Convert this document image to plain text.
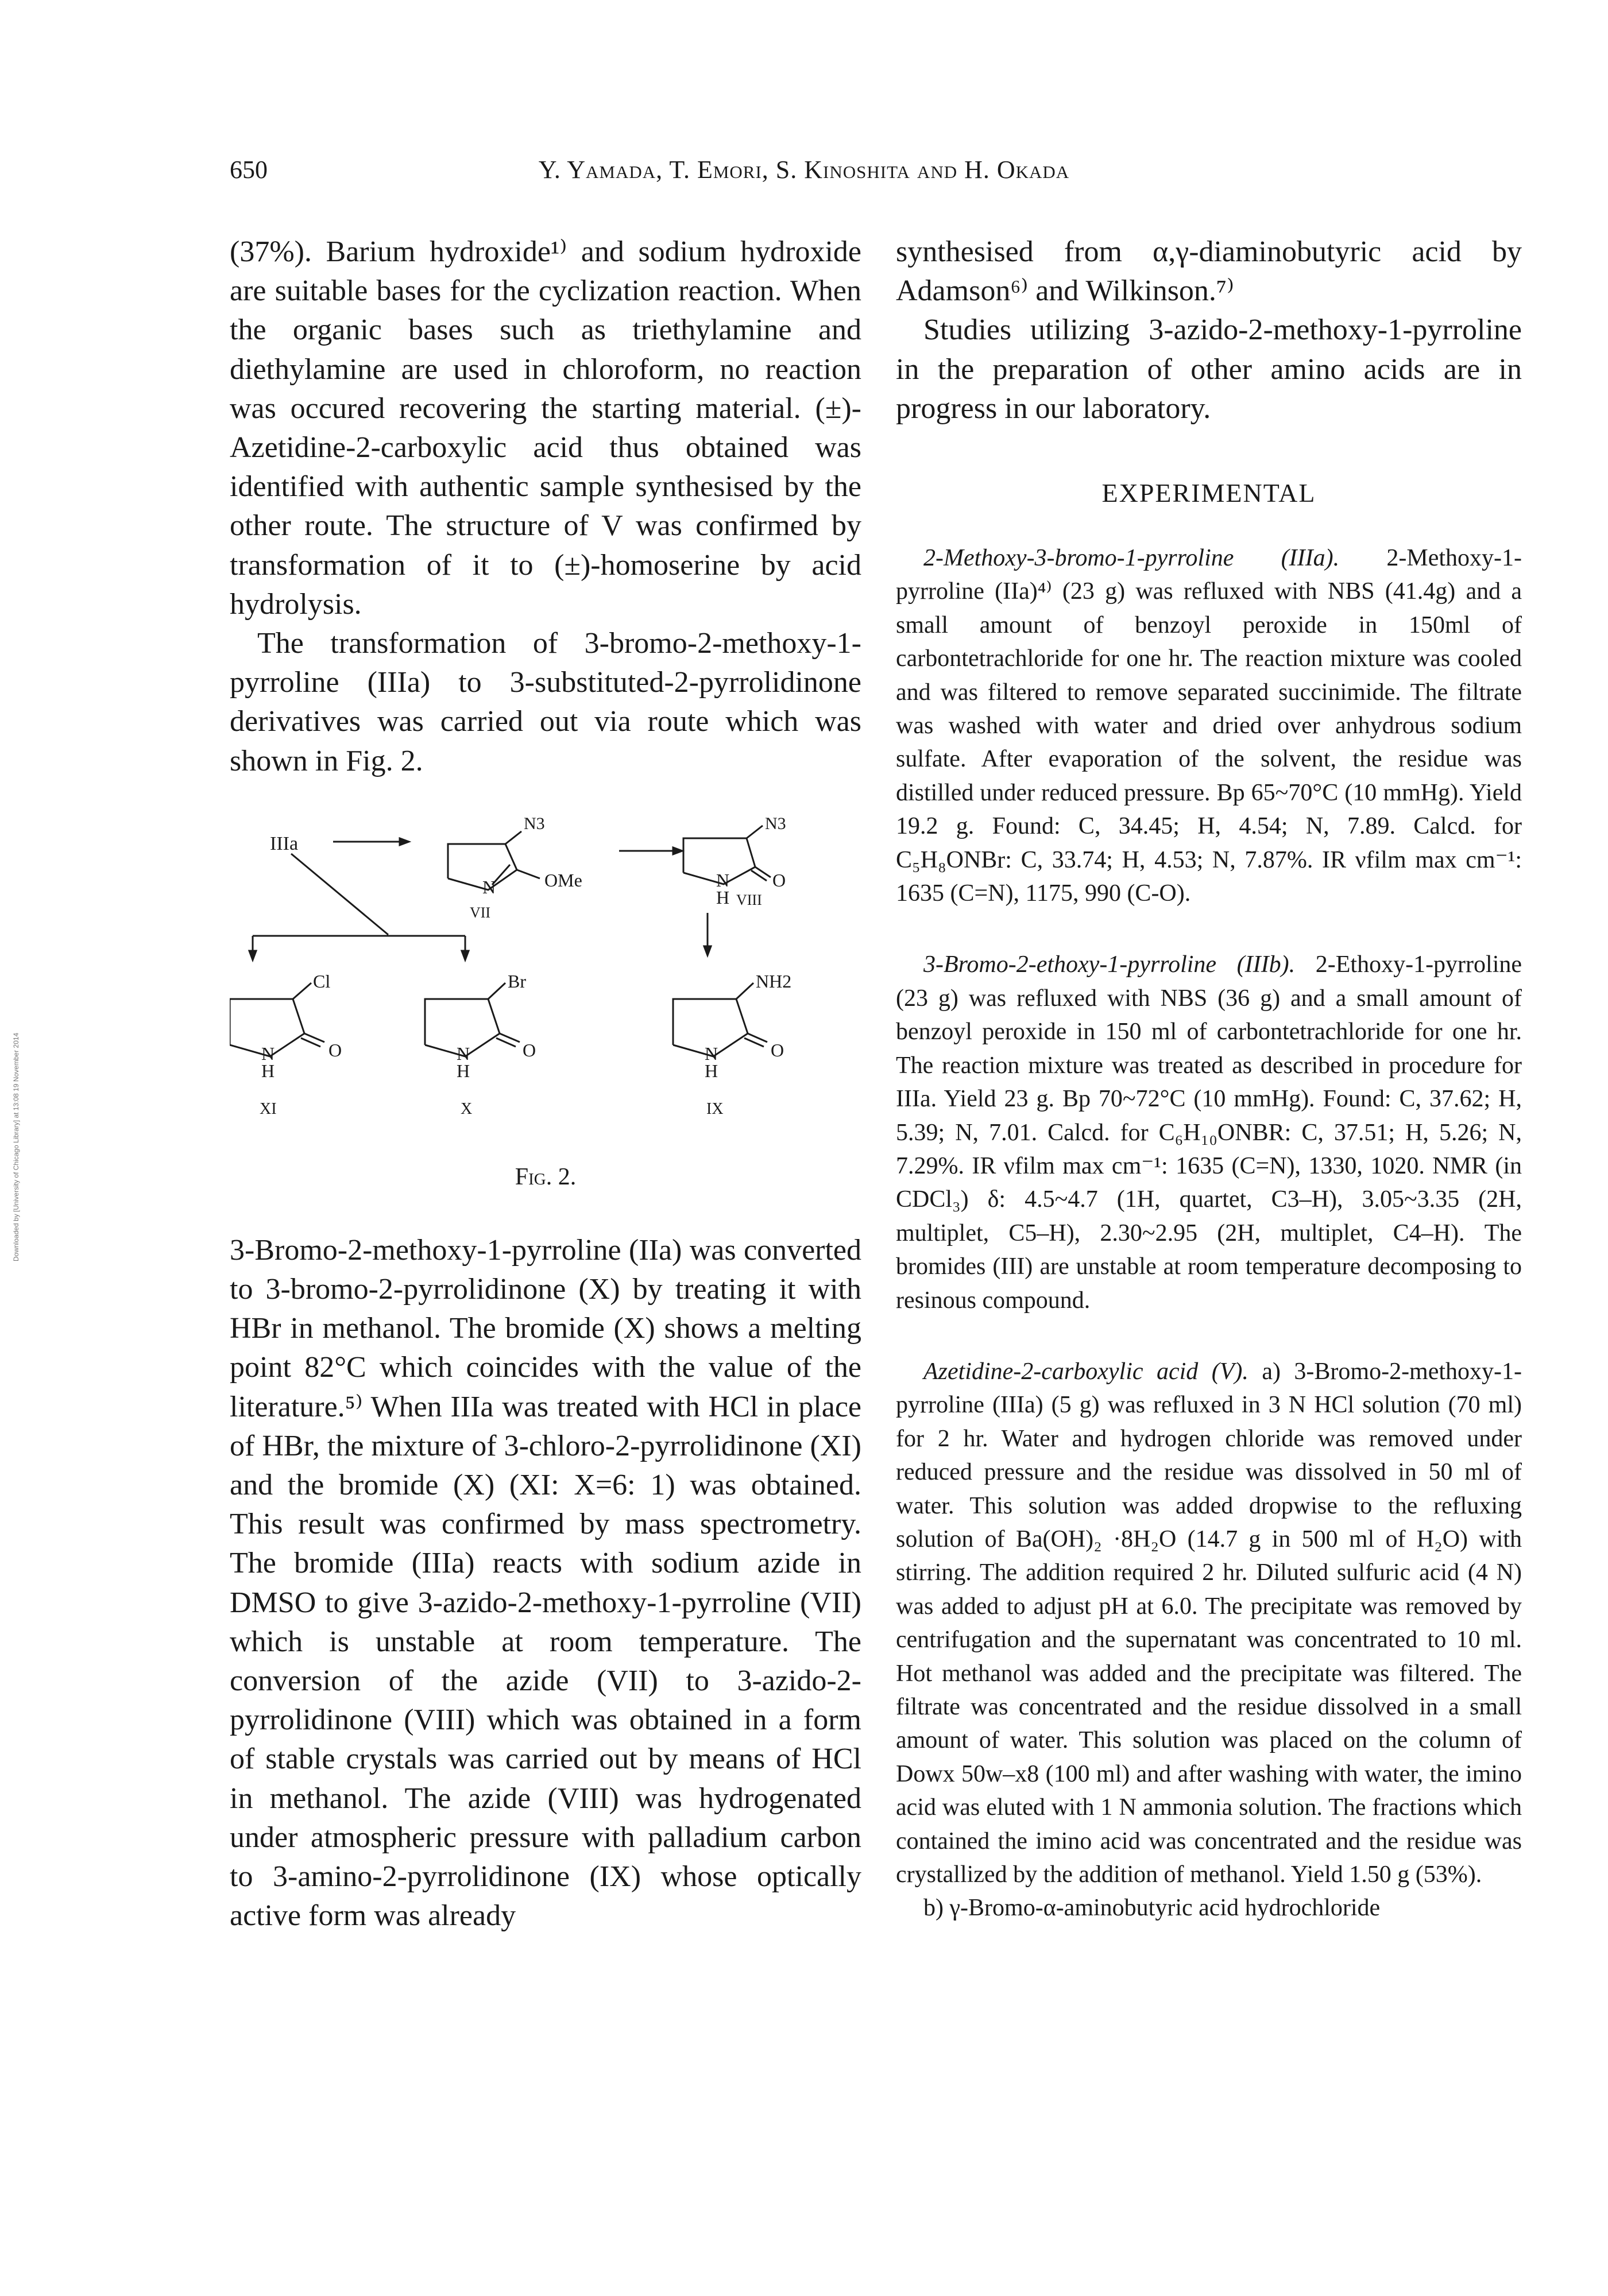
650	Y. Yamada, T. Emori, S. Kinoshita and H. Okada
Downloaded by [University of Chicago Library] at 13:08 19 November 2014

(37%). Barium hydroxide¹⁾ and sodium hydroxide are suitable bases for the cyclization reaction. When the organic bases such as triethylamine and diethylamine are used in chloroform, no reaction was occured recovering the starting material. (±)-Azetidine-2-carboxylic acid thus obtained was identified with authentic sample synthesised by the other route. The structure of V was confirmed by transformation of it to (±)-homoserine by acid hydrolysis.

The transformation of 3-bromo-2-methoxy-1-pyrroline (IIIa) to 3-substituted-2-pyrrolidinone derivatives was carried out via route which was shown in Fig. 2.

IIIa
N3
N	OMe
VII
N3
N
H
O
VIII
Cl
N
H
O
XI
Br
N
H
O
X
NH2
N
H
O
IX
Fig. 2.

3-Bromo-2-methoxy-1-pyrroline (IIa) was converted to 3-bromo-2-pyrrolidinone (X) by treating it with HBr in methanol. The bromide (X) shows a melting point 82°C which coincides with the value of the literature.⁵⁾ When IIIa was treated with HCl in place of HBr, the mixture of 3-chloro-2-pyrrolidinone (XI) and the bromide (X) (XI: X=6: 1) was obtained. This result was confirmed by mass spectrometry. The bromide (IIIa) reacts with sodium azide in DMSO to give 3-azido-2-methoxy-1-pyrroline (VII) which is unstable at room temperature. The conversion of the azide (VII) to 3-azido-2-pyrrolidinone (VIII) which was obtained in a form of stable crystals was carried out by means of HCl in methanol. The azide (VIII) was hydrogenated under atmospheric pressure with palladium carbon to 3-amino-2-pyrrolidinone (IX) whose optically active form was already

synthesised from α,γ-diaminobutyric acid by Adamson⁶⁾ and Wilkinson.⁷⁾

Studies utilizing 3-azido-2-methoxy-1-pyrroline in the preparation of other amino acids are in progress in our laboratory.

EXPERIMENTAL

2-Methoxy-3-bromo-1-pyrroline (IIIa). 2-Methoxy-1-pyrroline (IIa)⁴⁾ (23 g) was refluxed with NBS (41.4g) and a small amount of benzoyl peroxide in 150ml of carbontetrachloride for one hr. The reaction mixture was cooled and was filtered to remove separated succinimide. The filtrate was washed with water and dried over anhydrous sodium sulfate. After evaporation of the solvent, the residue was distilled under reduced pressure. Bp 65~70°C (10 mmHg). Yield 19.2 g. Found: C, 34.45; H, 4.54; N, 7.89. Calcd. for C₅H₈ONBr: C, 33.74; H, 4.53; N, 7.87%. IR νfilm max cm⁻¹: 1635 (C=N), 1175, 990 (C-O).

3-Bromo-2-ethoxy-1-pyrroline (IIIb). 2-Ethoxy-1-pyrroline (23 g) was refluxed with NBS (36 g) and a small amount of benzoyl peroxide in 150 ml of carbontetrachloride for one hr. The reaction mixture was treated as described in procedure for IIIa. Yield 23 g. Bp 70~72°C (10 mmHg). Found: C, 37.62; H, 5.39; N, 7.01. Calcd. for C₆H₁₀ONBR: C, 37.51; H, 5.26; N, 7.29%. IR νfilm max cm⁻¹: 1635 (C=N), 1330, 1020. NMR (in CDCl₃) δ: 4.5~4.7 (1H, quartet, C3–H), 3.05~3.35 (2H, multiplet, C5–H), 2.30~2.95 (2H, multiplet, C4–H). The bromides (III) are unstable at room temperature decomposing to resinous compound.

Azetidine-2-carboxylic acid (V). a) 3-Bromo-2-methoxy-1-pyrroline (IIIa) (5 g) was refluxed in 3 N HCl solution (70 ml) for 2 hr. Water and hydrogen chloride was removed under reduced pressure and the residue was dissolved in 50 ml of water. This solution was added dropwise to the refluxing solution of Ba(OH)₂ ·8H₂O (14.7 g in 500 ml of H₂O) with stirring. The addition required 2 hr. Diluted sulfuric acid (4 N) was added to adjust pH at 6.0. The precipitate was removed by centrifugation and the supernatant was concentrated to 10 ml. Hot methanol was added and the precipitate was filtered. The filtrate was concentrated and the residue dissolved in a small amount of water. This solution was placed on the column of Dowx 50w–x8 (100 ml) and after washing with water, the imino acid was eluted with 1 N ammonia solution. The fractions which contained the imino acid was concentrated and the residue was crystallized by the addition of methanol. Yield 1.50 g (53%).

b) γ-Bromo-α-aminobutyric acid hydrochloride
